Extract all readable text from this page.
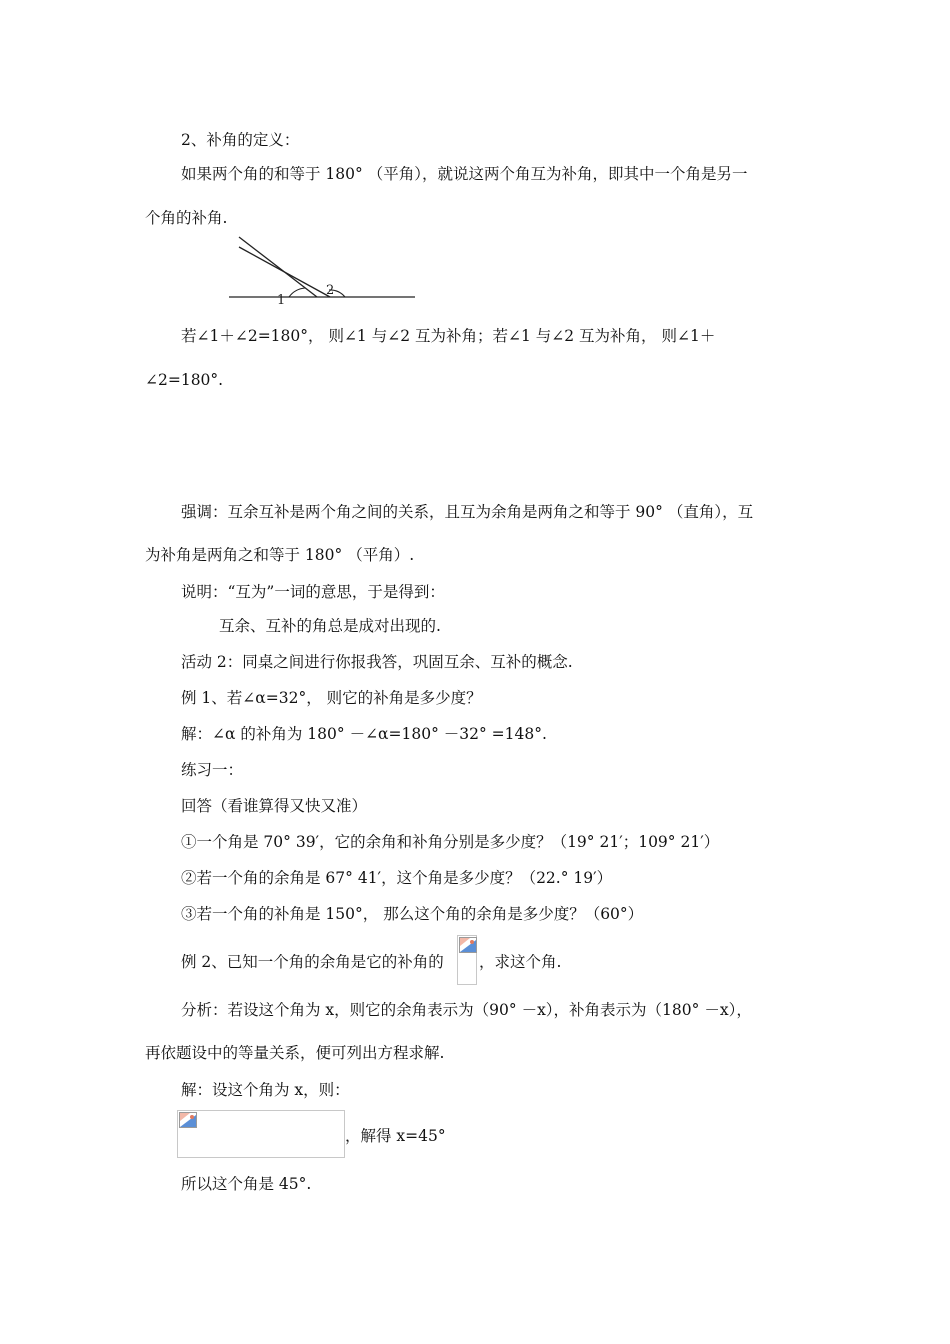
2、补角的定义：
如果两个角的和等于 180° （平角），就说这两个角互为补角，即其中一个角是另一
个角的补角.
1
2
若∠1＋∠2=180°， 则∠1 与∠2 互为补角；若∠1 与∠2 互为补角， 则∠1＋
∠2=180°.
强调：互余互补是两个角之间的关系，且互为余角是两角之和等于 90° （直角），互
为补角是两角之和等于 180° （平角）.
说明：“互为”一词的意思，于是得到：
互余、互补的角总是成对出现的.
活动 2：同桌之间进行你报我答，巩固互余、互补的概念.
例 1、若∠α=32°， 则它的补角是多少度？
解：∠α 的补角为 180° －∠α=180° －32° =148°.
练习一：
回答（看谁算得又快又准）
①一个角是 70° 39′，它的余角和补角分别是多少度？（19° 21′；109° 21′）
②若一个角的余角是 67° 41′，这个角是多少度？（22.° 19′）
③若一个角的补角是 150°， 那么这个角的余角是多少度？（60°）
例 2、已知一个角的余角是它的补角的 ，求这个角.
分析：若设这个角为 x，则它的余角表示为（90° －x），补角表示为（180° －x），
再依题设中的等量关系，便可列出方程求解.
解：设这个角为 x，则：
，解得 x=45°
所以这个角是 45°.
